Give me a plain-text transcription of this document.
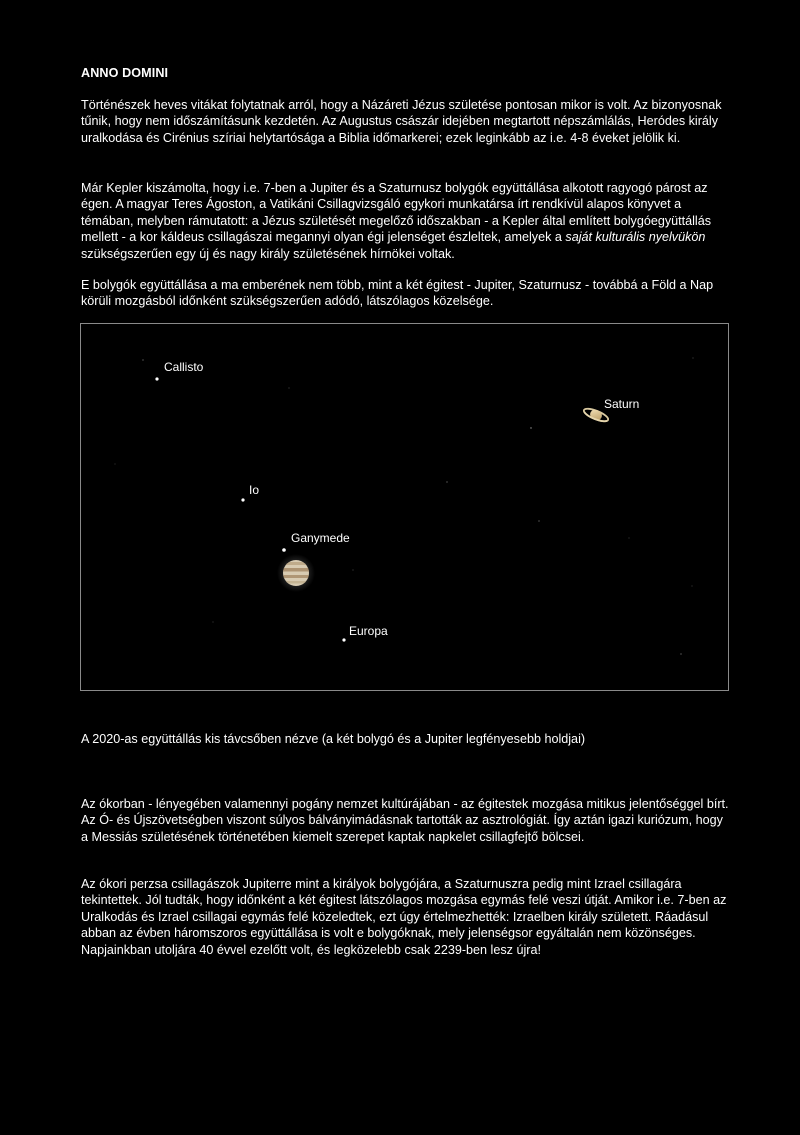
ANNO DOMINI

Történészek heves vitákat folytatnak arról, hogy a Názáreti Jézus születése pontosan mikor is volt. Az bizonyosnak tűnik, hogy nem időszámításunk kezdetén. Az Augustus császár idejében megtartott népszámlálás, Heródes király uralkodása és Cirénius szíriai helytartósága a Biblia időmarkerei; ezek leginkább az i.e. 4-8 éveket jelölik ki.

Már Kepler kiszámolta, hogy i.e. 7-ben a Jupiter és a Szaturnusz bolygók együttállása alkotott ragyogó párost az égen. A magyar Teres Ágoston, a Vatikáni Csillagvizsgáló egykori munkatársa írt rendkívül alapos könyvet a témában, melyben rámutatott: a Jézus születését megelőző időszakban - a Kepler által említett bolygóegyüttállás mellett - a kor káldeus csillagászai megannyi olyan égi jelenséget észleltek, amelyek a saját kulturális nyelvükön szükségszerűen egy új és nagy király születésének hírnökei voltak.

E bolygók együttállása a ma emberének nem több, mint a két égitest - Jupiter, Szaturnusz - továbbá a Föld a Nap körüli mozgásból időnként szükségszerűen adódó, látszólagos közelsége.

Callisto
Saturn
Io
Ganymede
Europa
A 2020-as együttállás kis távcsőben nézve (a két bolygó és a Jupiter legfényesebb holdjai)

Az ókorban - lényegében valamennyi pogány nemzet kultúrájában - az égitestek mozgása mitikus jelentőséggel bírt. Az Ó- és Újszövetségben viszont súlyos bálványimádásnak tartották az asztrológiát. Így aztán igazi kuriózum, hogy a Messiás születésének történetében kiemelt szerepet kaptak napkelet csillagfejtő bölcsei.

Az ókori perzsa csillagászok Jupiterre mint a királyok bolygójára, a Szaturnuszra pedig mint Izrael csillagára tekintettek. Jól tudták, hogy időnként a két égitest látszólagos mozgása egymás felé veszi útját. Amikor i.e. 7-ben az Uralkodás és Izrael csillagai egymás felé közeledtek, ezt úgy értelmezhették: Izraelben király született. Ráadásul abban az évben háromszoros együttállása is volt e bolygóknak, mely jelenségsor egyáltalán nem közönséges. Napjainkban utoljára 40 évvel ezelőtt volt, és legközelebb csak 2239-ben lesz újra!
